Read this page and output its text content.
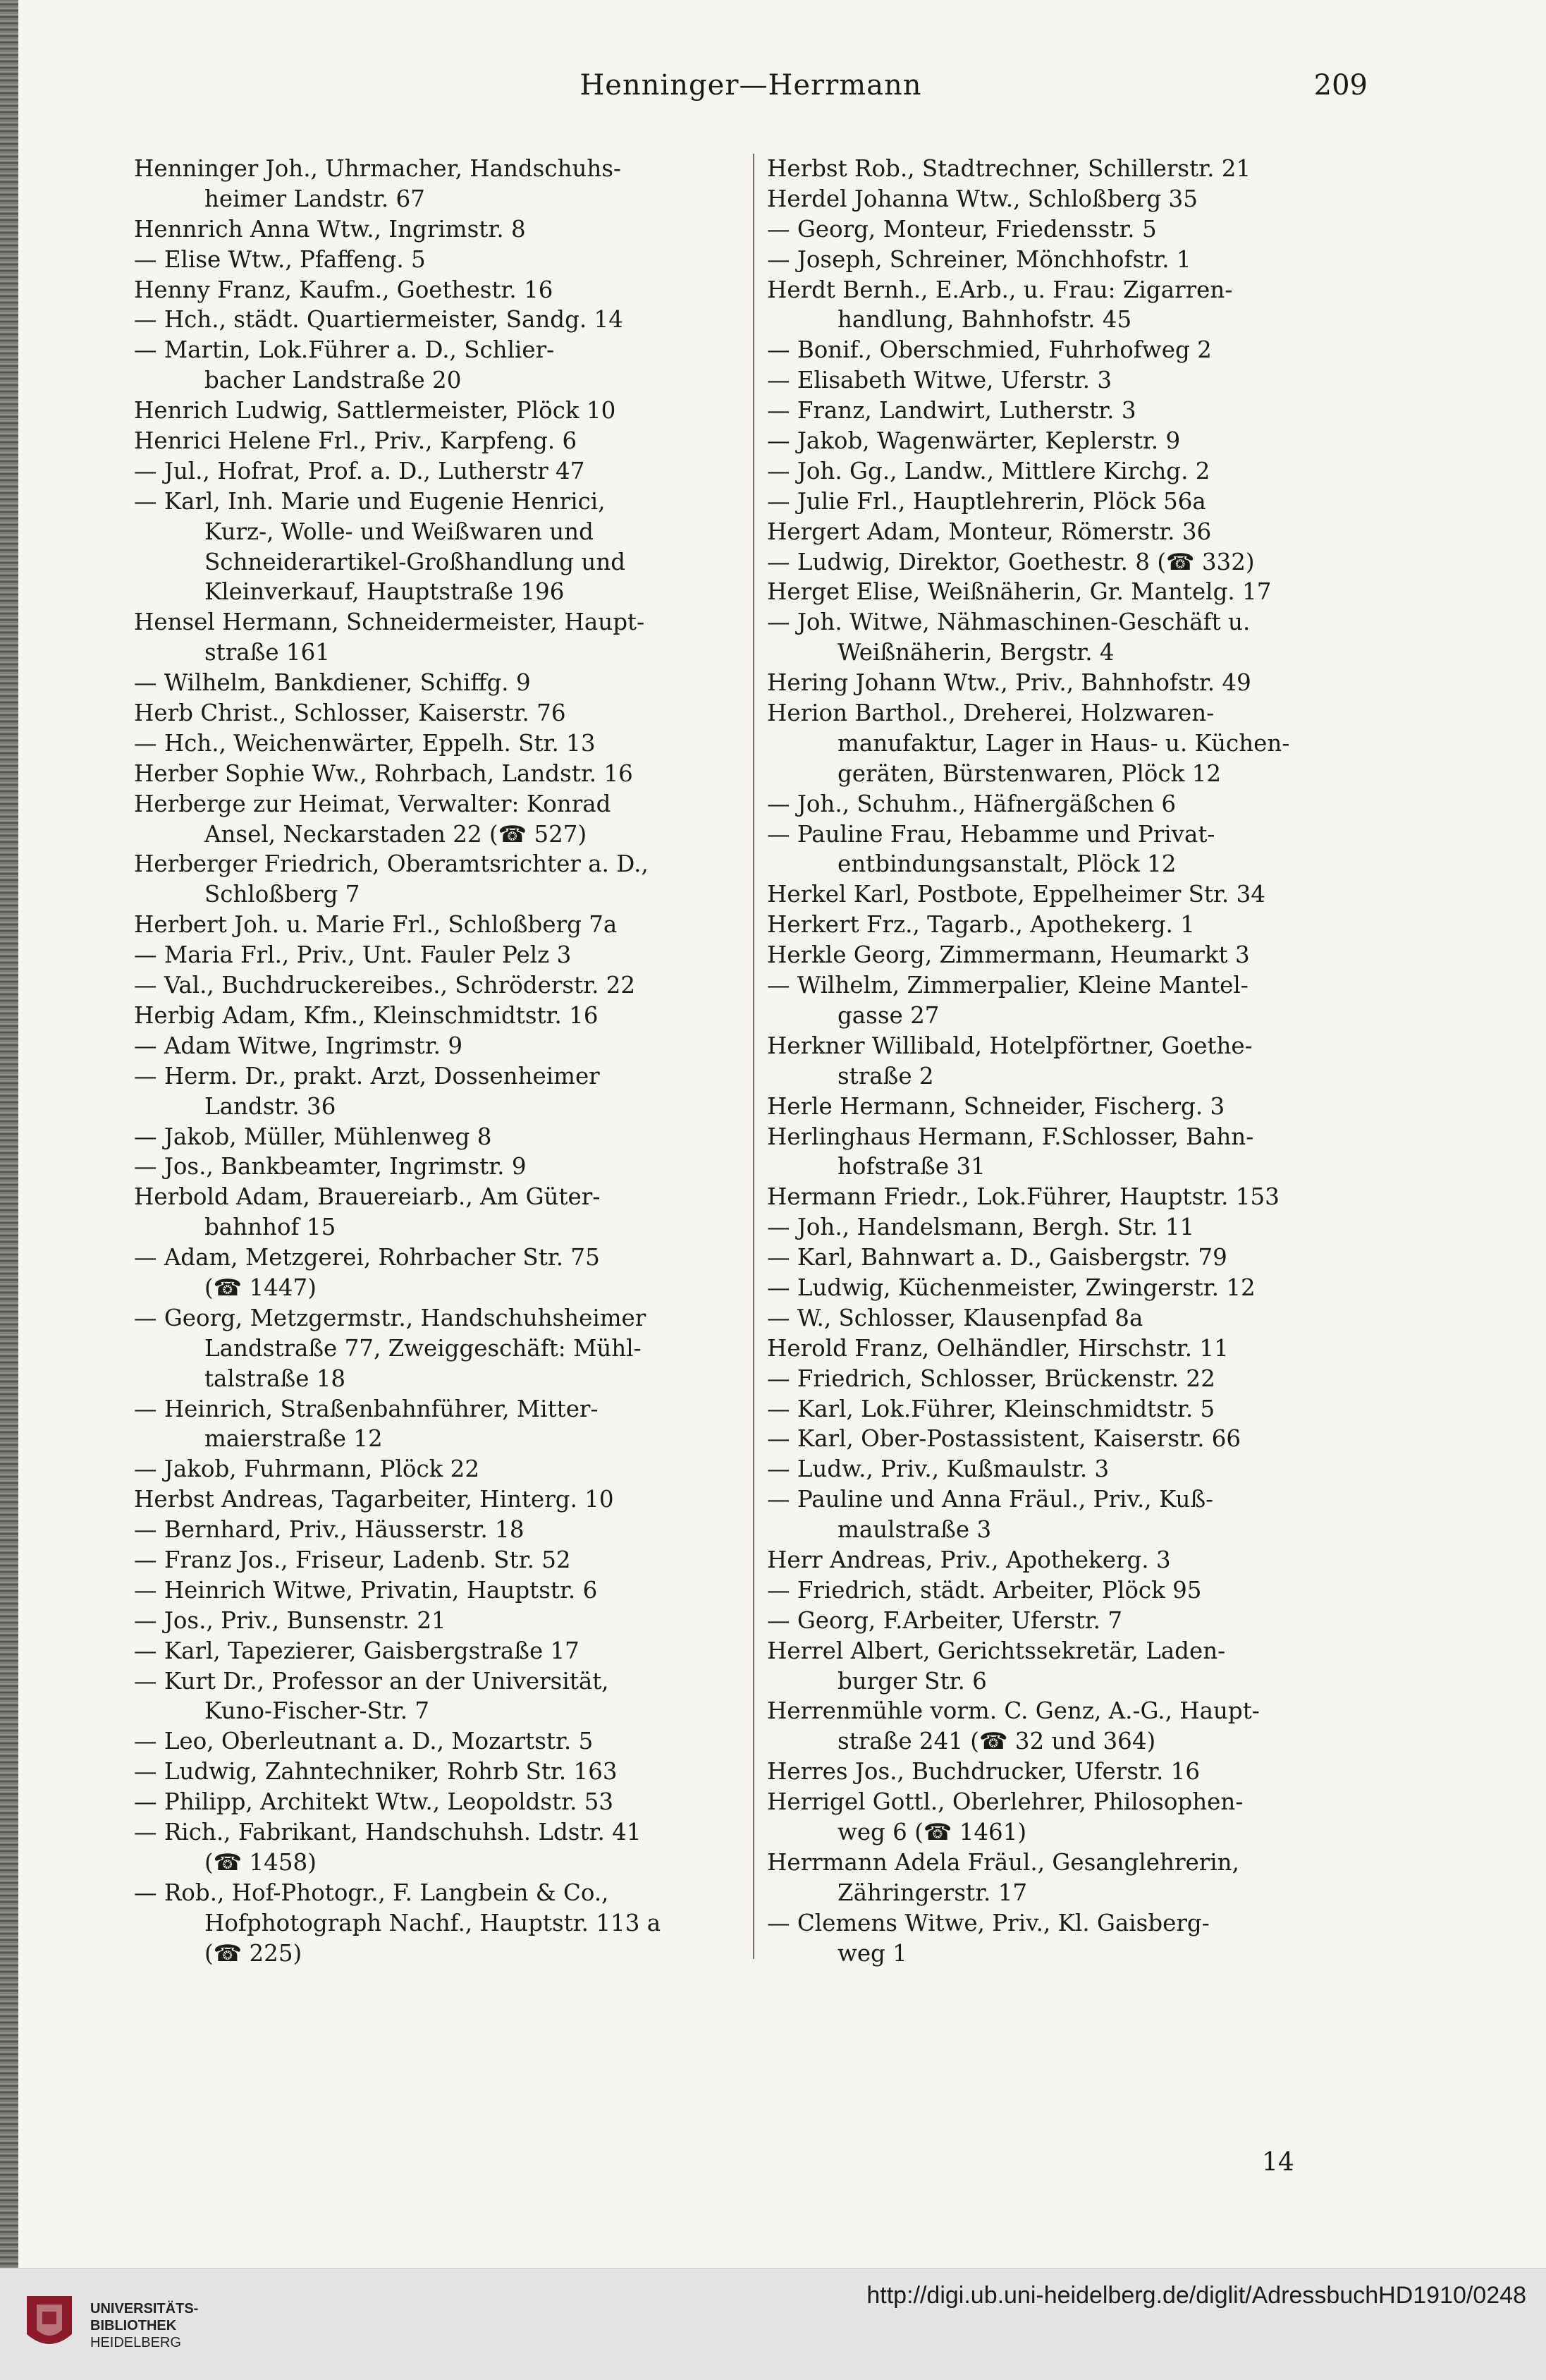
Henninger—Herrmann	209
Henninger Joh., Uhrmacher, Handschuhs-
heimer Landstr. 67
Hennrich Anna Wtw., Ingrimstr. 8
— Elise Wtw., Pfaffeng. 5
Henny Franz, Kaufm., Goethestr. 16
— Hch., städt. Quartiermeister, Sandg. 14
— Martin, Lok.Führer a. D., Schlier-
bacher Landstraße 20
Henrich Ludwig, Sattlermeister, Plöck 10
Henrici Helene Frl., Priv., Karpfeng. 6
— Jul., Hofrat, Prof. a. D., Lutherstr 47
— Karl, Inh. Marie und Eugenie Henrici,
Kurz-, Wolle- und Weißwaren und
Schneiderartikel-Großhandlung und
Kleinverkauf, Hauptstraße 196
Hensel Hermann, Schneidermeister, Haupt-
straße 161
— Wilhelm, Bankdiener, Schiffg. 9
Herb Christ., Schlosser, Kaiserstr. 76
— Hch., Weichenwärter, Eppelh. Str. 13
Herber Sophie Ww., Rohrbach, Landstr. 16
Herberge zur Heimat, Verwalter: Konrad
Ansel, Neckarstaden 22 (☎ 527)
Herberger Friedrich, Oberamtsrichter a. D.,
Schloßberg 7
Herbert Joh. u. Marie Frl., Schloßberg 7a
— Maria Frl., Priv., Unt. Fauler Pelz 3
— Val., Buchdruckereibes., Schröderstr. 22
Herbig Adam, Kfm., Kleinschmidtstr. 16
— Adam Witwe, Ingrimstr. 9
— Herm. Dr., prakt. Arzt, Dossenheimer
Landstr. 36
— Jakob, Müller, Mühlenweg 8
— Jos., Bankbeamter, Ingrimstr. 9
Herbold Adam, Brauereiarb., Am Güter-
bahnhof 15
— Adam, Metzgerei, Rohrbacher Str. 75
(☎ 1447)
— Georg, Metzgermstr., Handschuhsheimer
Landstraße 77, Zweiggeschäft: Mühl-
talstraße 18
— Heinrich, Straßenbahnführer, Mitter-
maierstraße 12
— Jakob, Fuhrmann, Plöck 22
Herbst Andreas, Tagarbeiter, Hinterg. 10
— Bernhard, Priv., Häusserstr. 18
— Franz Jos., Friseur, Ladenb. Str. 52
— Heinrich Witwe, Privatin, Hauptstr. 6
— Jos., Priv., Bunsenstr. 21
— Karl, Tapezierer, Gaisbergstraße 17
— Kurt Dr., Professor an der Universität,
Kuno-Fischer-Str. 7
— Leo, Oberleutnant a. D., Mozartstr. 5
— Ludwig, Zahntechniker, Rohrb Str. 163
— Philipp, Architekt Wtw., Leopoldstr. 53
— Rich., Fabrikant, Handschuhsh. Ldstr. 41
(☎ 1458)
— Rob., Hof-Photogr., F. Langbein & Co.,
Hofphotograph Nachf., Hauptstr. 113 a
(☎ 225)
Herbst Rob., Stadtrechner, Schillerstr. 21
Herdel Johanna Wtw., Schloßberg 35
— Georg, Monteur, Friedensstr. 5
— Joseph, Schreiner, Mönchhofstr. 1
Herdt Bernh., E.Arb., u. Frau: Zigarren-
handlung, Bahnhofstr. 45
— Bonif., Oberschmied, Fuhrhofweg 2
— Elisabeth Witwe, Uferstr. 3
— Franz, Landwirt, Lutherstr. 3
— Jakob, Wagenwärter, Keplerstr. 9
— Joh. Gg., Landw., Mittlere Kirchg. 2
— Julie Frl., Hauptlehrerin, Plöck 56a
Hergert Adam, Monteur, Römerstr. 36
— Ludwig, Direktor, Goethestr. 8 (☎ 332)
Herget Elise, Weißnäherin, Gr. Mantelg. 17
— Joh. Witwe, Nähmaschinen-Geschäft u.
Weißnäherin, Bergstr. 4
Hering Johann Wtw., Priv., Bahnhofstr. 49
Herion Barthol., Dreherei, Holzwaren-
manufaktur, Lager in Haus- u. Küchen-
geräten, Bürstenwaren, Plöck 12
— Joh., Schuhm., Häfnergäßchen 6
— Pauline Frau, Hebamme und Privat-
entbindungsanstalt, Plöck 12
Herkel Karl, Postbote, Eppelheimer Str. 34
Herkert Frz., Tagarb., Apothekerg. 1
Herkle Georg, Zimmermann, Heumarkt 3
— Wilhelm, Zimmerpalier, Kleine Mantel-
gasse 27
Herkner Willibald, Hotelpförtner, Goethe-
straße 2
Herle Hermann, Schneider, Fischerg. 3
Herlinghaus Hermann, F.Schlosser, Bahn-
hofstraße 31
Hermann Friedr., Lok.Führer, Hauptstr. 153
— Joh., Handelsmann, Bergh. Str. 11
— Karl, Bahnwart a. D., Gaisbergstr. 79
— Ludwig, Küchenmeister, Zwingerstr. 12
— W., Schlosser, Klausenpfad 8a
Herold Franz, Oelhändler, Hirschstr. 11
— Friedrich, Schlosser, Brückenstr. 22
— Karl, Lok.Führer, Kleinschmidtstr. 5
— Karl, Ober-Postassistent, Kaiserstr. 66
— Ludw., Priv., Kußmaulstr. 3
— Pauline und Anna Fräul., Priv., Kuß-
maulstraße 3
Herr Andreas, Priv., Apothekerg. 3
— Friedrich, städt. Arbeiter, Plöck 95
— Georg, F.Arbeiter, Uferstr. 7
Herrel Albert, Gerichtssekretär, Laden-
burger Str. 6
Herrenmühle vorm. C. Genz, A.-G., Haupt-
straße 241 (☎ 32 und 364)
Herres Jos., Buchdrucker, Uferstr. 16
Herrigel Gottl., Oberlehrer, Philosophen-
weg 6 (☎ 1461)
Herrmann Adela Fräul., Gesanglehrerin,
Zähringerstr. 17
— Clemens Witwe, Priv., Kl. Gaisberg-
weg 1
14
UNIVERSITÄTS-
BIBLIOTHEK
HEIDELBERG
http://digi.ub.uni-heidelberg.de/diglit/AdressbuchHD1910/0248
